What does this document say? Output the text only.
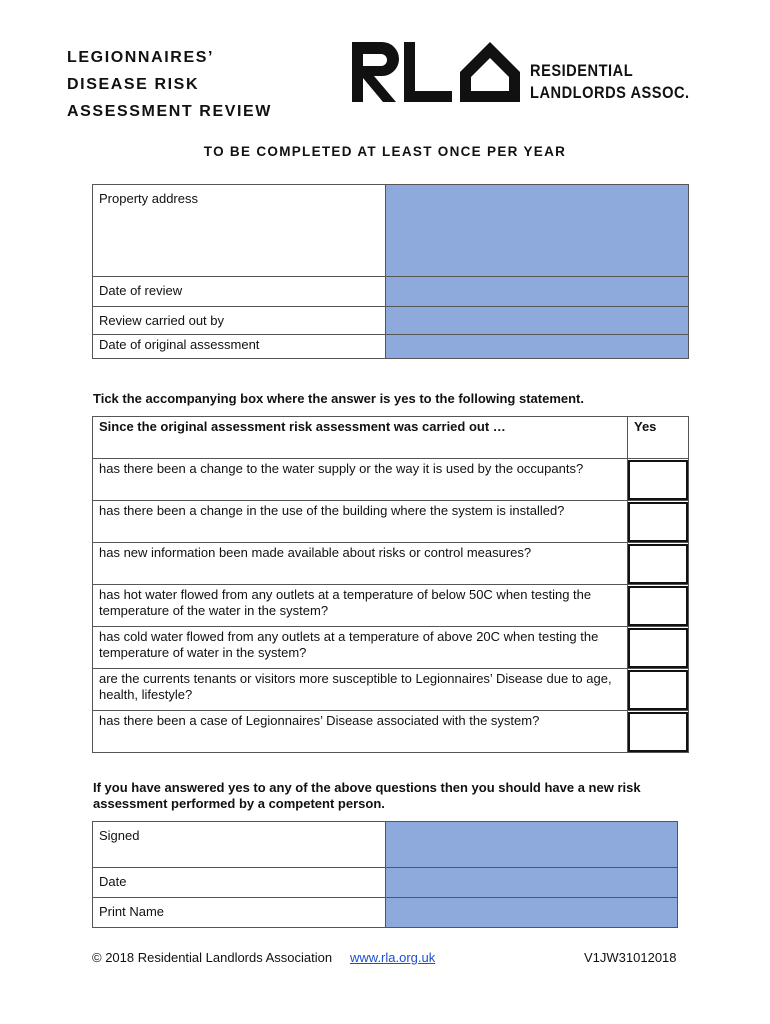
LEGIONNAIRES’
DISEASE RISK
ASSESSMENT REVIEW
RESIDENTIAL
LANDLORDS ASSOC.
TO BE COMPLETED AT LEAST ONCE PER YEAR
Property address	
Date of review	
Review carried out by	
Date of original assessment	
Tick the accompanying box where the answer is yes to the following statement.
Since the original assessment risk assessment was carried out …	Yes
has there been a change to the water supply or the way it is used by the occupants?	

has there been a change in the use of the building where the system is installed?	

has new information been made available about risks or control measures?	

has hot water flowed from any outlets at a temperature of below 50C when testing the temperature of the water in the system?	

has cold water flowed from any outlets at a temperature of above 20C when testing the temperature of water in the system?	

are the currents tenants or visitors more susceptible to Legionnaires’ Disease due to age, health, lifestyle?	

has there been a case of Legionnaires’ Disease associated with the system?	
If you have answered yes to any of the above questions then you should have a new risk assessment performed by a competent person.
Signed	
Date	
Print Name	
© 2018 Residential Landlords Association www.rla.org.uk	V1JW31012018
